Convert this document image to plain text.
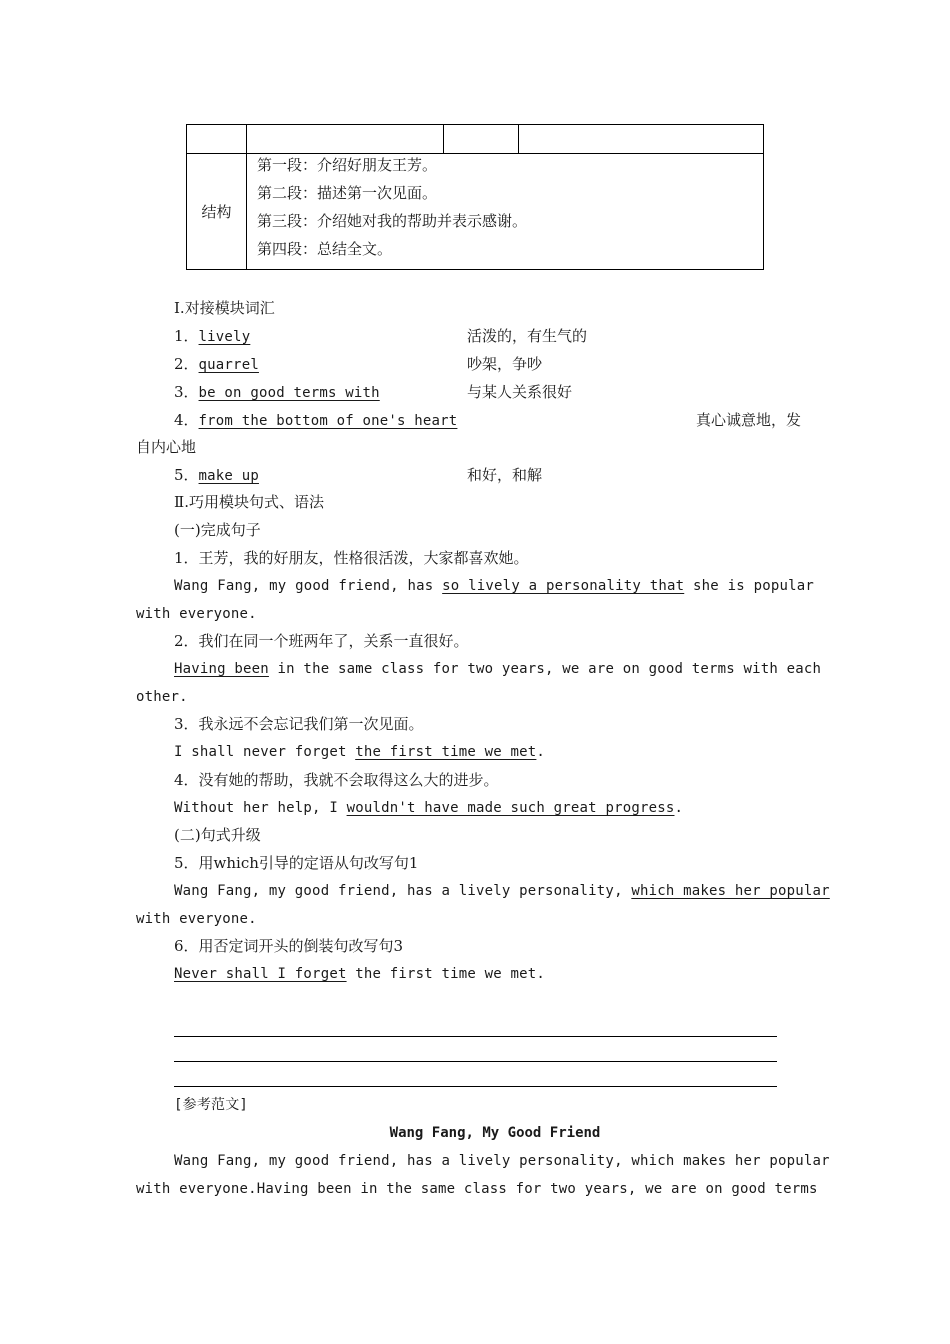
结构	第一段：介绍好朋友王芳。
第二段：描述第一次见面。
第三段：介绍她对我的帮助并表示感谢。
第四段：总结全文。		
Ⅰ.对接模块词汇
1．lively	活泼的，有生气的
2．quarrel	吵架，争吵
3．be on good terms with	与某人关系很好
4．from the bottom of one's heart	真心诚意地，发
自内心地
5．make up	和好，和解
Ⅱ.巧用模块句式、语法
(一)完成句子
1．王芳，我的好朋友，性格很活泼，大家都喜欢她。
Wang Fang, my good friend, has so lively a personality that she is popular
with everyone.
2．我们在同一个班两年了，关系一直很好。
Having been in the same class for two years, we are on good terms with each
other.
3．我永远不会忘记我们第一次见面。
I shall never forget the first time we met.
4．没有她的帮助，我就不会取得这么大的进步。
Without her help, I wouldn't have made such great progress.
(二)句式升级
5．用which引导的定语从句改写句1
Wang Fang, my good friend, has a lively personality, which makes her popular
with everyone.
6．用否定词开头的倒装句改写句3
Never shall I forget the first time we met.
[参考范文]
Wang Fang, My Good Friend
Wang Fang, my good friend, has a lively personality, which makes her popular
with everyone.Having been in the same class for two years, we are on good terms
